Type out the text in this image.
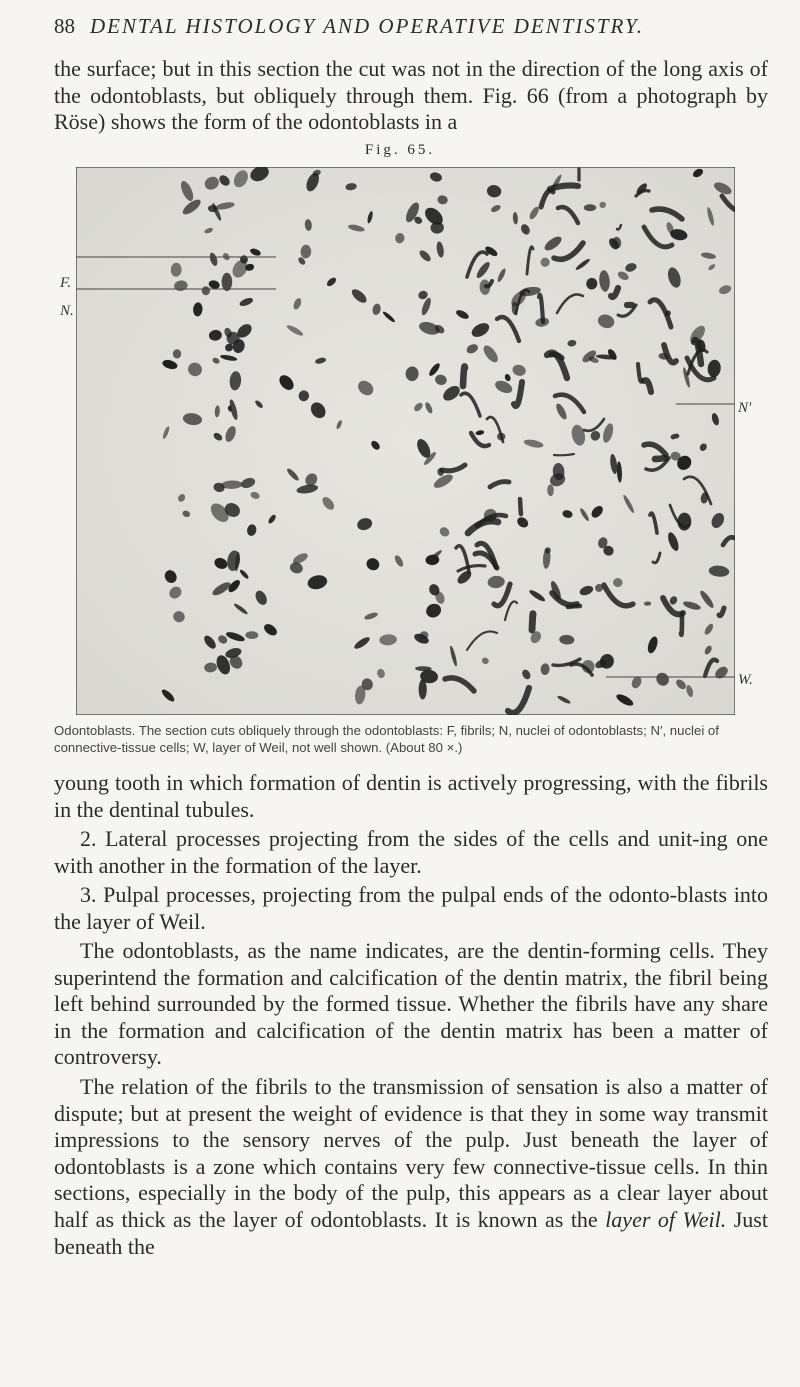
88 DENTAL HISTOLOGY AND OPERATIVE DENTISTRY.
the surface; but in this section the cut was not in the direction of the long axis of the odontoblasts, but obliquely through them. Fig. 66 (from a photograph by Röse) shows the form of the odontoblasts in a
Fig. 65.
F.
N.
N′
W.
Odontoblasts. The section cuts obliquely through the odontoblasts: F, fibrils; N, nuclei of odontoblasts; N′, nuclei of connective-tissue cells; W, layer of Weil, not well shown. (About 80 ×.)
young tooth in which formation of dentin is actively progressing, with the fibrils in the dentinal tubules.
2. Lateral processes projecting from the sides of the cells and unit-ing one with another in the formation of the layer.
3. Pulpal processes, projecting from the pulpal ends of the odonto-blasts into the layer of Weil.
The odontoblasts, as the name indicates, are the dentin-forming cells. They superintend the formation and calcification of the dentin matrix, the fibril being left behind surrounded by the formed tissue. Whether the fibrils have any share in the formation and calcification of the dentin matrix has been a matter of controversy.
The relation of the fibrils to the transmission of sensation is also a matter of dispute; but at present the weight of evidence is that they in some way transmit impressions to the sensory nerves of the pulp. Just beneath the layer of odontoblasts is a zone which contains very few connective-tissue cells. In thin sections, especially in the body of the pulp, this appears as a clear layer about half as thick as the layer of odontoblasts. It is known as the layer of Weil. Just beneath the
